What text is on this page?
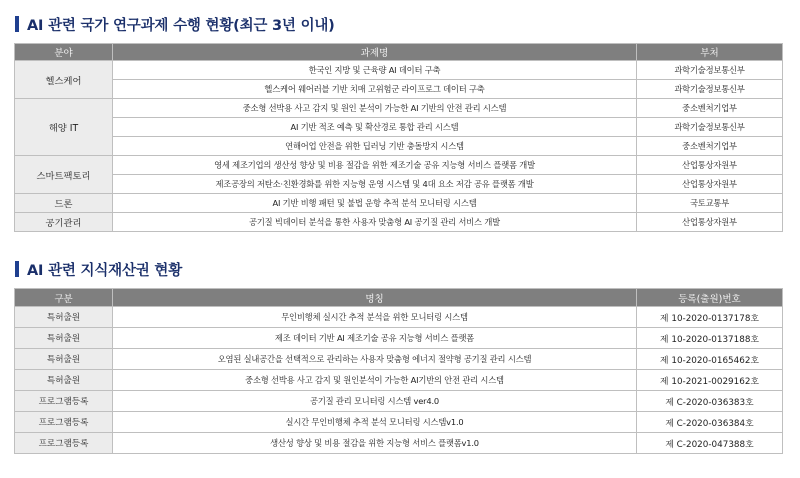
AI 관련 국가 연구과제 수행 현황(최근 3년 이내)
분야	과제명	부처
헬스케어	한국인 지방 및 근육량 AI 데이터 구축	과학기술정보통신부
	헬스케어 웨어러블 기반 치매 고위험군 라이프로그 데이터 구축	과학기술정보통신부
해양 IT	중소형 선박용 사고 감지 및 원인 분석이 가능한 AI 기반의 안전 관리 시스템	중소벤처기업부
	AI 기반 적조 예측 및 확산경로 통합 관리 시스템	과학기술정보통신부
	연해어업 안전을 위한 딥러닝 기반 충돌방지 시스템	중소벤처기업부
스마트팩토리	영세 제조기업의 생산성 향상 및 비용 절감을 위한 제조기술 공유 지능형 서비스 플랫폼 개발	산업통상자원부
	제조공장의 저탄소·친환경화를 위한 지능형 운영 시스템 및 4대 요소 저감 공유 플랫폼 개발	산업통상자원부
드론	AI 기반 비행 패턴 및 불법 운항 추적 분석 모니터링 시스템	국토교통부
공기관리	공기질 빅데이터 분석을 통한 사용자 맞춤형 AI 공기질 관리 서비스 개발	산업통상자원부
AI 관련 지식재산권 현황
구분	명칭	등록(출원)번호
특허출원	무인비행체 실시간 추적 분석을 위한 모니터링 시스템	제 10-2020-0137178호
특허출원	제조 데이터 기반 AI 제조기술 공유 지능형 서비스 플랫폼	제 10-2020-0137188호
특허출원	오염된 실내공간을 선택적으로 관리하는 사용자 맞춤형 에너지 절약형 공기질 관리 시스템	제 10-2020-0165462호
특허출원	중소형 선박용 사고 감지 및 원인분석이 가능한 AI기반의 안전 관리 시스템	제 10-2021-0029162호
프로그램등록	공기질 관리 모니터링 시스템 ver4.0	제 C-2020-036383호
프로그램등록	실시간 무인비행체 추적 분석 모니터링 시스템v1.0	제 C-2020-036384호
프로그램등록	생산성 향상 및 비용 절감을 위한 지능형 서비스 플랫폼v1.0	제 C-2020-047388호
